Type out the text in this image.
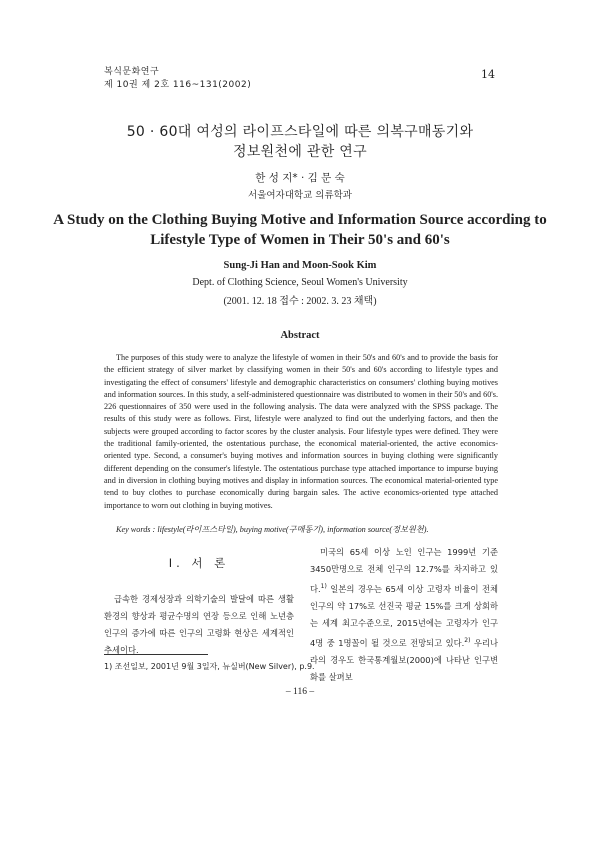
복식문화연구
제 10권 제 2호 116~131(2002)
14
50 · 60대 여성의 라이프스타일에 따른 의복구매동기와
정보원천에 관한 연구
한 성 지* · 김 문 숙
서울여자대학교 의류학과
A Study on the Clothing Buying Motive and Information Source according to
Lifestyle Type of Women in Their 50's and 60's
Sung-Ji Han and Moon-Sook Kim
Dept. of Clothing Science, Seoul Women's University
(2001. 12. 18 접수 : 2002. 3. 23 채택)
Abstract
The purposes of this study were to analyze the lifestyle of women in their 50's and 60's and to provide the basis for the efficient strategy of silver market by classifying women in their 50's and 60's according to lifestyle types and investigating the effect of consumers' lifestyle and demographic characteristics on consumers' clothing buying motives and information sources. In this study, a self-administered questionnaire was distributed to women in their 50's and 60's. 226 questionnaires of 350 were used in the following analysis. The data were analyzed with the SPSS package. The results of this study were as follows. First, lifestyle were analyzed to find out the underlying factors, and then the subjects were grouped according to factor scores by the cluster analysis. Four lifestyle types were defined. They were the traditional family-oriented, the ostentatious purchase, the economical material-oriented, the active economics-oriented type. Second, a consumer's buying motives and information sources in buying clothing were significantly different depending on the consumer's lifestyle. The ostentatious purchase type attached importance to impurse buying and in diversion in clothing buying motives and display in information sources. The economical material-oriented type tend to buy clothes to purchase economically during bargain sales. The active economics-oriented type attached importance to worn out clothing in buying motives.
Key words : lifestyle(라이프스타일), buying motive(구매동기), information source(정보원천).
I. 서 론

급속한 경제성장과 의학기술의 발달에 따른 생활환경의 향상과 평균수명의 연장 등으로 인해 노년층 인구의 증가에 따른 인구의 고령화 현상은 세계적인 추세이다.

미국의 65세 이상 노인 인구는 1999년 기준 3450만명으로 전체 인구의 12.7%를 차지하고 있다.$^{1)}$ 일본의 경우는 65세 이상 고령자 비율이 전체 인구의 약 17%로 선진국 평균 15%를 크게 상회하는 세계 최고수준으로, 2015년에는 고령자가 인구 4명 중 1명꼴이 될 것으로 전망되고 있다.$^{2)}$ 우리나라의 경우도 한국통계월보(2000)에 나타난 인구변화를 살펴보

1) 조선일보, 2001년 9월 3일자, 뉴실버(New Silver), p.9.
– 116 –
